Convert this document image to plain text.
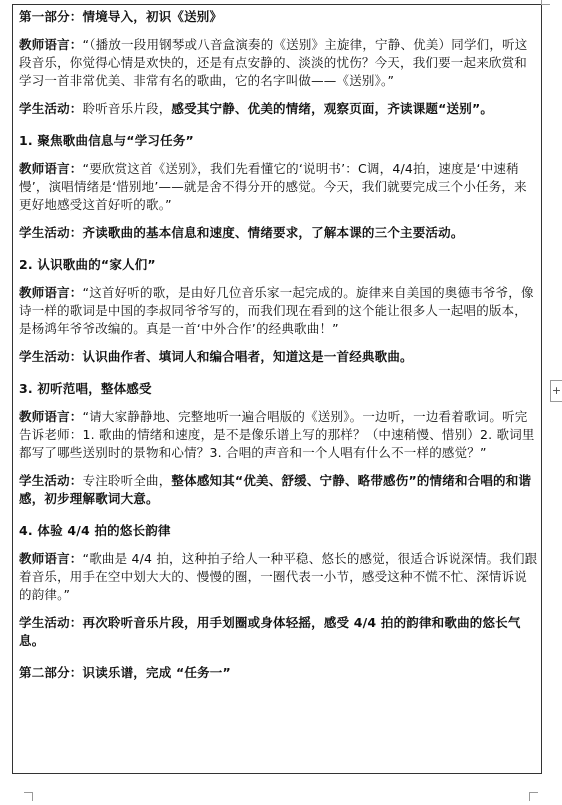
第一部分：情境导入，初识《送别》

教师语言：“（播放一段用钢琴或八音盒演奏的《送别》主旋律，宁静、优美）同学们，听这段音乐，你觉得心情是欢快的，还是有点安静的、淡淡的忧伤？今天，我们要一起来欣赏和学习一首非常优美、非常有名的歌曲，它的名字叫做——《送别》。”

学生活动：聆听音乐片段，感受其宁静、优美的情绪，观察页面，齐读课题“送别”。

1. 聚焦歌曲信息与“学习任务”

教师语言：“要欣赏这首《送别》，我们先看懂它的‘说明书’：C调，4/4拍，速度是‘中速稍慢’，演唱情绪是‘惜别地’——就是舍不得分开的感觉。今天，我们就要完成三个小任务，来更好地感受这首好听的歌。”

学生活动：齐读歌曲的基本信息和速度、情绪要求，了解本课的三个主要活动。

2. 认识歌曲的“家人们”

教师语言：“这首好听的歌，是由好几位音乐家一起完成的。旋律来自美国的奥德韦爷爷，像诗一样的歌词是中国的李叔同爷爷写的，而我们现在看到的这个能让很多人一起唱的版本，是杨鸿年爷爷改编的。真是一首‘中外合作’的经典歌曲！”

学生活动：认识曲作者、填词人和编合唱者，知道这是一首经典歌曲。

3. 初听范唱，整体感受

教师语言：“请大家静静地、完整地听一遍合唱版的《送别》。一边听，一边看着歌词。听完告诉老师：1. 歌曲的情绪和速度，是不是像乐谱上写的那样？（中速稍慢、惜别）2. 歌词里都写了哪些送别时的景物和心情？3. 合唱的声音和一个人唱有什么不一样的感觉？”

学生活动：专注聆听全曲，整体感知其“优美、舒缓、宁静、略带感伤”的情绪和合唱的和谐感，初步理解歌词大意。

4. 体验 4/4 拍的悠长韵律

教师语言：“歌曲是 4/4 拍，这种拍子给人一种平稳、悠长的感觉，很适合诉说深情。我们跟着音乐，用手在空中划大大的、慢慢的圈，一圈代表一小节，感受这种不慌不忙、深情诉说的韵律。”

学生活动：再次聆听音乐片段，用手划圈或身体轻摇，感受 4/4 拍的韵律和歌曲的悠长气息。

第二部分：识读乐谱，完成 “任务一”

+
